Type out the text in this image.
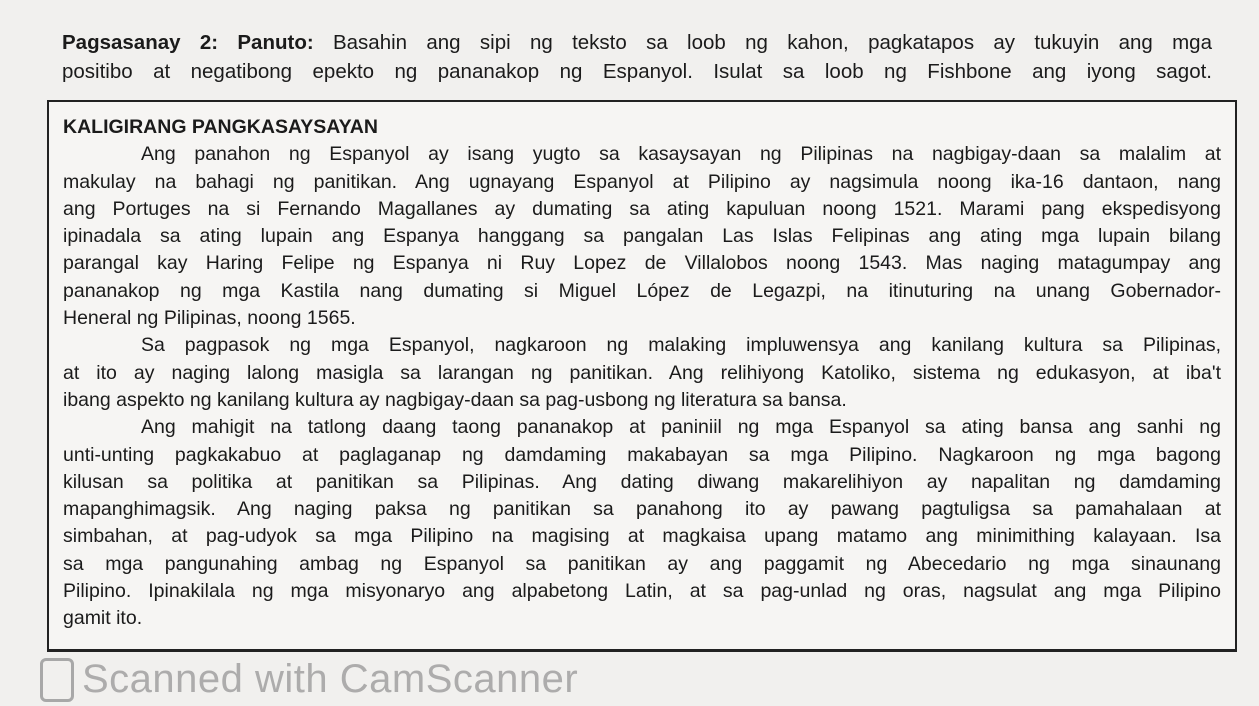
Pagsasanay 2: Panuto: Basahin ang sipi ng teksto sa loob ng kahon, pagkatapos ay tukuyin ang mga
positibo at negatibong epekto ng pananakop ng Espanyol. Isulat sa loob ng Fishbone ang iyong sagot.
KALIGIRANG PANGKASAYSAYAN
Ang panahon ng Espanyol ay isang yugto sa kasaysayan ng Pilipinas na nagbigay-daan sa malalim at
makulay na bahagi ng panitikan. Ang ugnayang Espanyol at Pilipino ay nagsimula noong ika-16 dantaon, nang
ang Portuges na si Fernando Magallanes ay dumating sa ating kapuluan noong 1521. Marami pang ekspedisyong
ipinadala sa ating lupain ang Espanya hanggang sa pangalan Las Islas Felipinas ang ating mga lupain bilang
parangal kay Haring Felipe ng Espanya ni Ruy Lopez de Villalobos noong 1543. Mas naging matagumpay ang
pananakop ng mga Kastila nang dumating si Miguel López de Legazpi, na itinuturing na unang Gobernador-
Heneral ng Pilipinas, noong 1565.
Sa pagpasok ng mga Espanyol, nagkaroon ng malaking impluwensya ang kanilang kultura sa Pilipinas,
at ito ay naging lalong masigla sa larangan ng panitikan. Ang relihiyong Katoliko, sistema ng edukasyon, at iba't
ibang aspekto ng kanilang kultura ay nagbigay-daan sa pag-usbong ng literatura sa bansa.
Ang mahigit na tatlong daang taong pananakop at paniniil ng mga Espanyol sa ating bansa ang sanhi ng
unti-unting pagkakabuo at paglaganap ng damdaming makabayan sa mga Pilipino. Nagkaroon ng mga bagong
kilusan sa politika at panitikan sa Pilipinas. Ang dating diwang makarelihiyon ay napalitan ng damdaming
mapanghimagsik. Ang naging paksa ng panitikan sa panahong ito ay pawang pagtuligsa sa pamahalaan at
simbahan, at pag-udyok sa mga Pilipino na magising at magkaisa upang matamo ang minimithing kalayaan. Isa
sa mga pangunahing ambag ng Espanyol sa panitikan ay ang paggamit ng Abecedario ng mga sinaunang
Pilipino. Ipinakilala ng mga misyonaryo ang alpabetong Latin, at sa pag-unlad ng oras, nagsulat ang mga Pilipino
gamit ito.
Scanned with CamScanner
